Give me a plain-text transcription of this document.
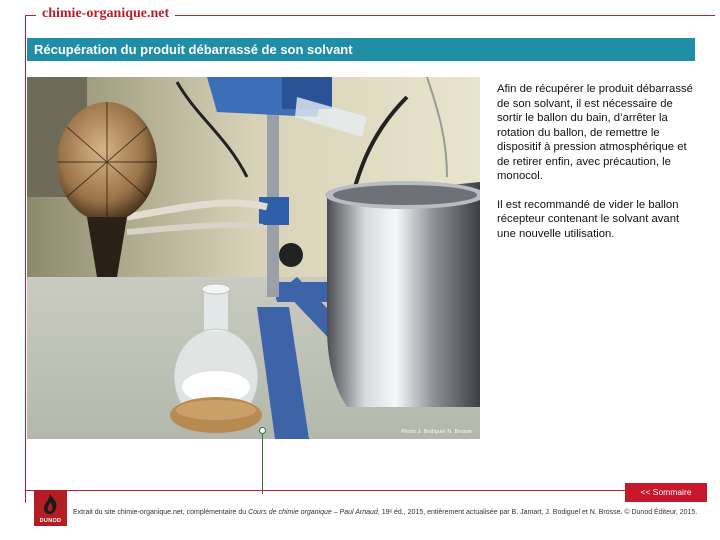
chimie-organique.net
Récupération du produit débarrassé de son solvant
Photo J. Bodiguel N. Brosse

Afin de récupérer le produit débarrassé de son solvant, il est nécessaire de sortir le ballon du bain, d’arrêter la rotation du ballon, de remettre le dispositif à pression atmosphérique et de retirer enfin, avec précaution, le monocol.

Il est recommandé de vider le ballon récepteur contenant le solvant avant une nouvelle utilisation.

<< Sommaire
DUNOD
Extrait du site chimie-organique.net, complémentaire du Cours de chimie organique – Paul Arnaud, 19ᵉ éd., 2015, entièrement actualisée par B. Jamart, J. Bodiguel et N. Brosse. © Dunod Éditeur, 2015.
